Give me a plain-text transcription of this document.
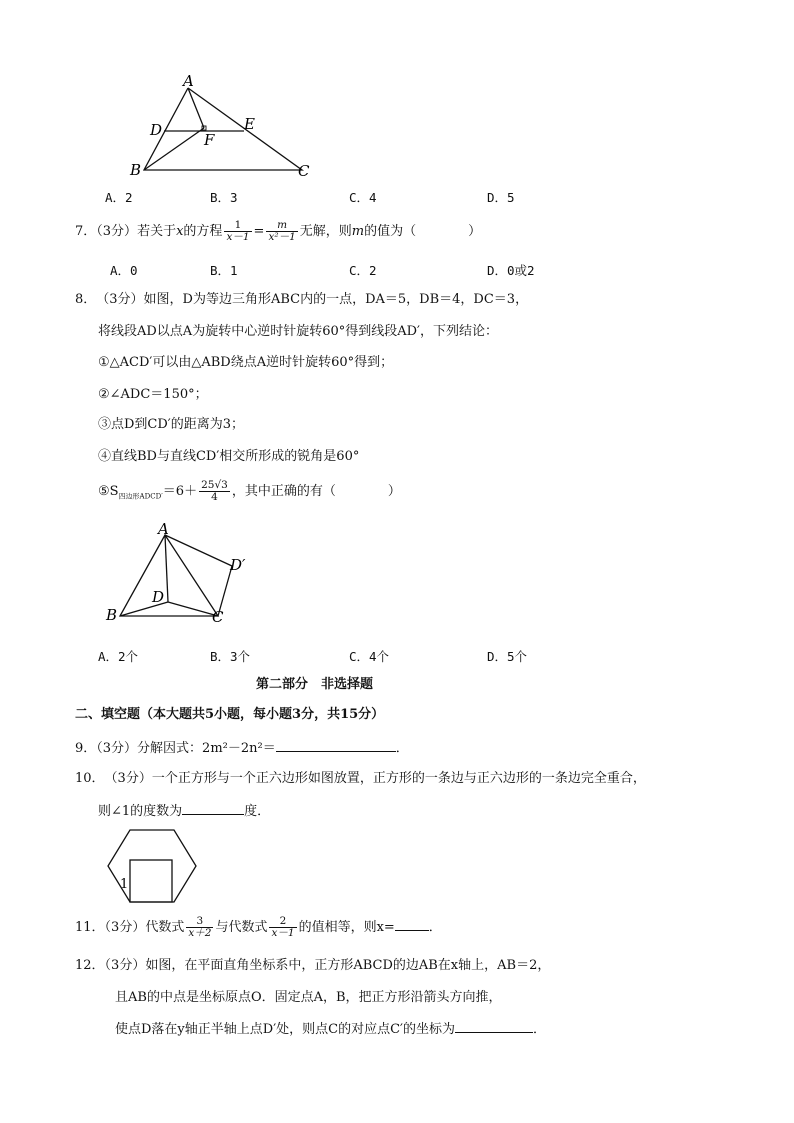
A
B	C
D	E
F
A．2	B．3	C．4	D．5
7．（3分）若关于x的方程 $\frac{1}{x-1} = \frac{m}{\text{x²－1}}$ 无解，则m的值为（　　　　）
A．0	B．1	C．2	D．0或2
8．　（3分）如图，D为等边三角形ABC内的一点，DA＝5，DB＝4，DC＝3，
将线段AD以点A为旋转中心逆时针旋转60°得到线段AD′，下列结论：
①△ACD′可以由△ABD绕点A逆时针旋转60°得到；
②∠ADC＝150°；
③点D到CD′的距离为3；
④直线BD与直线CD′相交所形成的锐角是60°
$⑤S_{四边形ADCD'}=6+ \frac{25√3}{4}$ ，其中正确的有（　　　　）
A
B	C
D
D′
A．2个	B．3个	C．4个	D．5个
第二部分　非选择题
二、填空题（本大题共5小题，每小题3分，共15分）
9．（3分）分解因式：2m²－2n²＝	．
10．　（3分）一个正方形与一个正六边形如图放置，正方形的一条边与正六边形的一条边完全重合，
则∠1的度数为	度．
1
11．（3分）代数式 $\frac{3}{x+2}$ 与代数式 $\frac{2}{x-1}$ 的值相等，则x=	．
12．（3分）如图，在平面直角坐标系中，正方形ABCD的边AB在x轴上，AB＝2，
且AB的中点是坐标原点O．固定点A，B，把正方形沿箭头方向推，
使点D落在y轴正半轴上点D′处，则点C的对应点C′的坐标为	．
